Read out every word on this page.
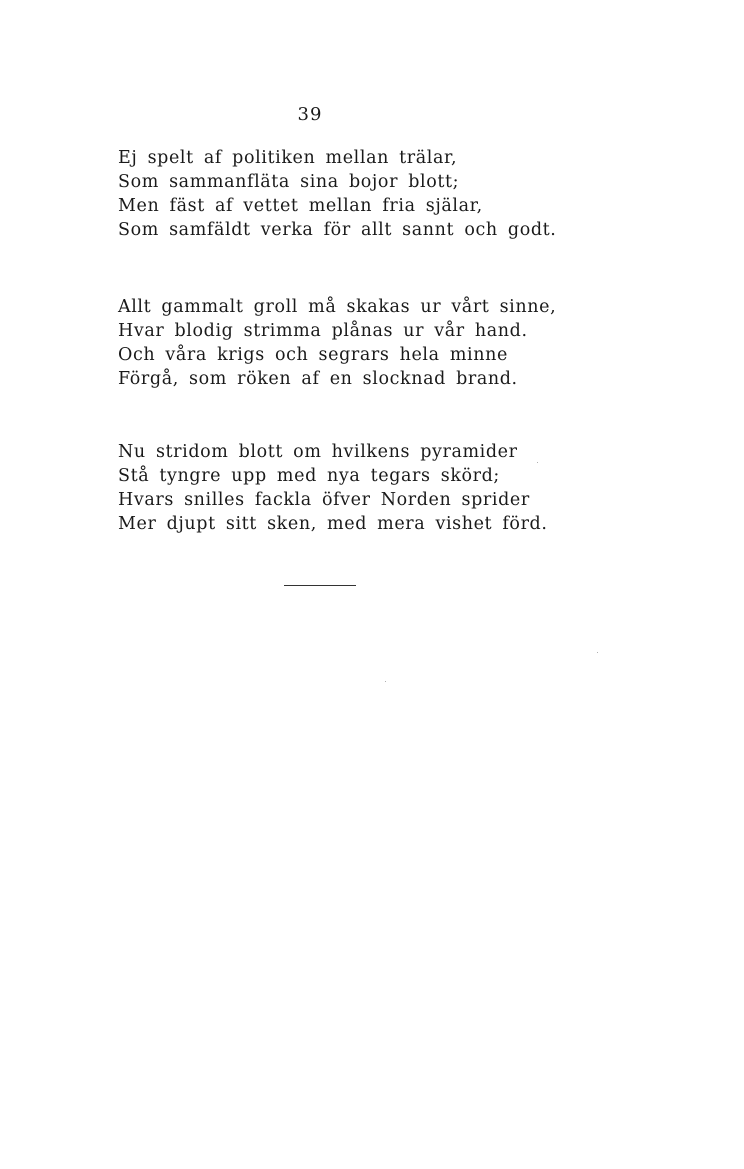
39
Ej spelt af politiken mellan trälar,
Som sammanfläta sina bojor blott;
Men fäst af vettet mellan fria själar,
Som samfäldt verka för allt sannt och godt.
Allt gammalt groll må skakas ur vårt sinne,
Hvar blodig strimma plånas ur vår hand.
Och våra krigs och segrars hela minne
Förgå, som röken af en slocknad brand.
Nu stridom blott om hvilkens pyramider
Stå tyngre upp med nya tegars skörd;
Hvars snilles fackla öfver Norden sprider
Mer djupt sitt sken, med mera vishet förd.
